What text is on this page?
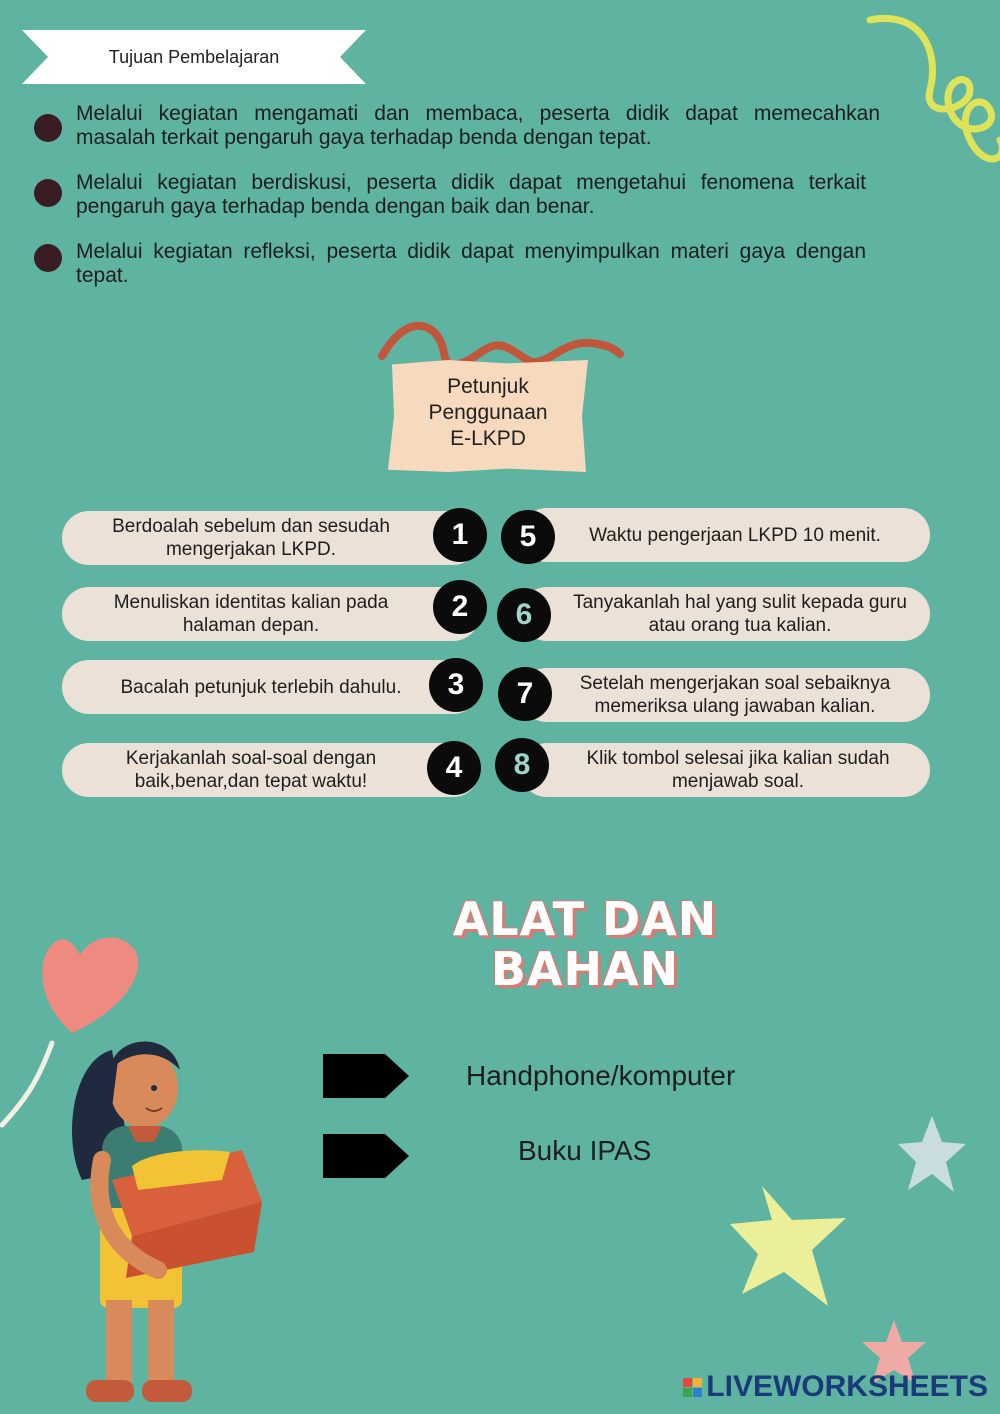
Tujuan Pembelajaran
Melalui kegiatan mengamati dan membaca, peserta didik dapat memecahkan masalah terkait pengaruh gaya terhadap benda dengan tepat.
Melalui kegiatan berdiskusi, peserta didik dapat mengetahui fenomena terkait pengaruh gaya terhadap benda dengan baik dan benar.
Melalui kegiatan refleksi, peserta didik dapat menyimpulkan materi gaya dengan tepat.
Petunjuk
Penggunaan
E-LKPD
Berdoalah sebelum dan sesudah mengerjakan LKPD.	1
Menuliskan identitas kalian pada halaman depan.
2
Bacalah petunjuk terlebih dahulu.	3
Kerjakanlah soal-soal dengan baik,benar,dan tepat waktu!	4
Waktu pengerjaan LKPD 10 menit.
5
Tanyakanlah hal yang sulit kepada guru atau orang tua kalian.
6
Setelah mengerjakan soal sebaiknya memeriksa ulang jawaban kalian.
7
Klik tombol selesai jika kalian sudah menjawab soal.
8
ALAT DAN
BAHAN
Handphone/komputer
Buku IPAS
LIVEWORKSHEETS
